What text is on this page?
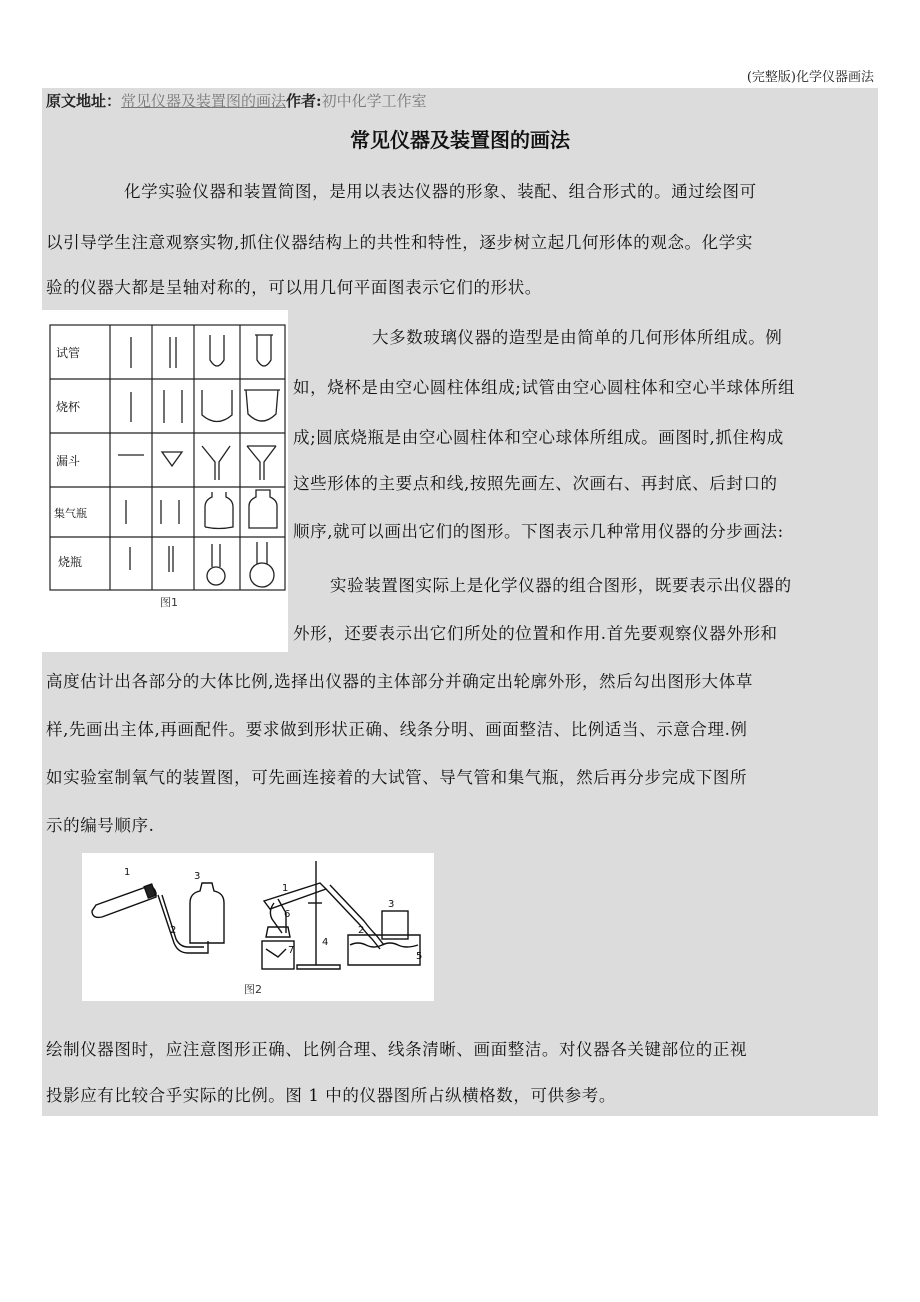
(完整版)化学仪器画法
原文地址：常见仪器及装置图的画法作者:初中化学工作室
常见仪器及装置图的画法
化学实验仪器和装置简图，是用以表达仪器的形象、装配、组合形式的。通过绘图可
以引导学生注意观察实物,抓住仪器结构上的共性和特性，逐步树立起几何形体的观念。化学实
验的仪器大都是呈轴对称的，可以用几何平面图表示它们的形状。
试管
烧杯
漏斗
集气瓶
烧瓶
图1
大多数玻璃仪器的造型是由简单的几何形体所组成。例
如，烧杯是由空心圆柱体组成;试管由空心圆柱体和空心半球体所组
成;圆底烧瓶是由空心圆柱体和空心球体所组成。画图时,抓住构成
这些形体的主要点和线,按照先画左、次画右、再封底、后封口的
顺序,就可以画出它们的图形。下图表示几种常用仪器的分步画法:
实验装置图实际上是化学仪器的组合图形，既要表示出仪器的
外形，还要表示出它们所处的位置和作用.首先要观察仪器外形和
高度估计出各部分的大体比例,选择出仪器的主体部分并确定出轮廓外形，然后勾出图形大体草
样,先画出主体,再画配件。要求做到形状正确、线条分明、画面整洁、比例适当、示意合理.例
如实验室制氧气的装置图，可先画连接着的大试管、导气管和集气瓶，然后再分步完成下图所
示的编号顺序.
1
2
3
1
2
3
4
5
6
7
图2
绘制仪器图时，应注意图形正确、比例合理、线条清晰、画面整洁。对仪器各关键部位的正视
投影应有比较合乎实际的比例。图 1 中的仪器图所占纵横格数，可供参考。
